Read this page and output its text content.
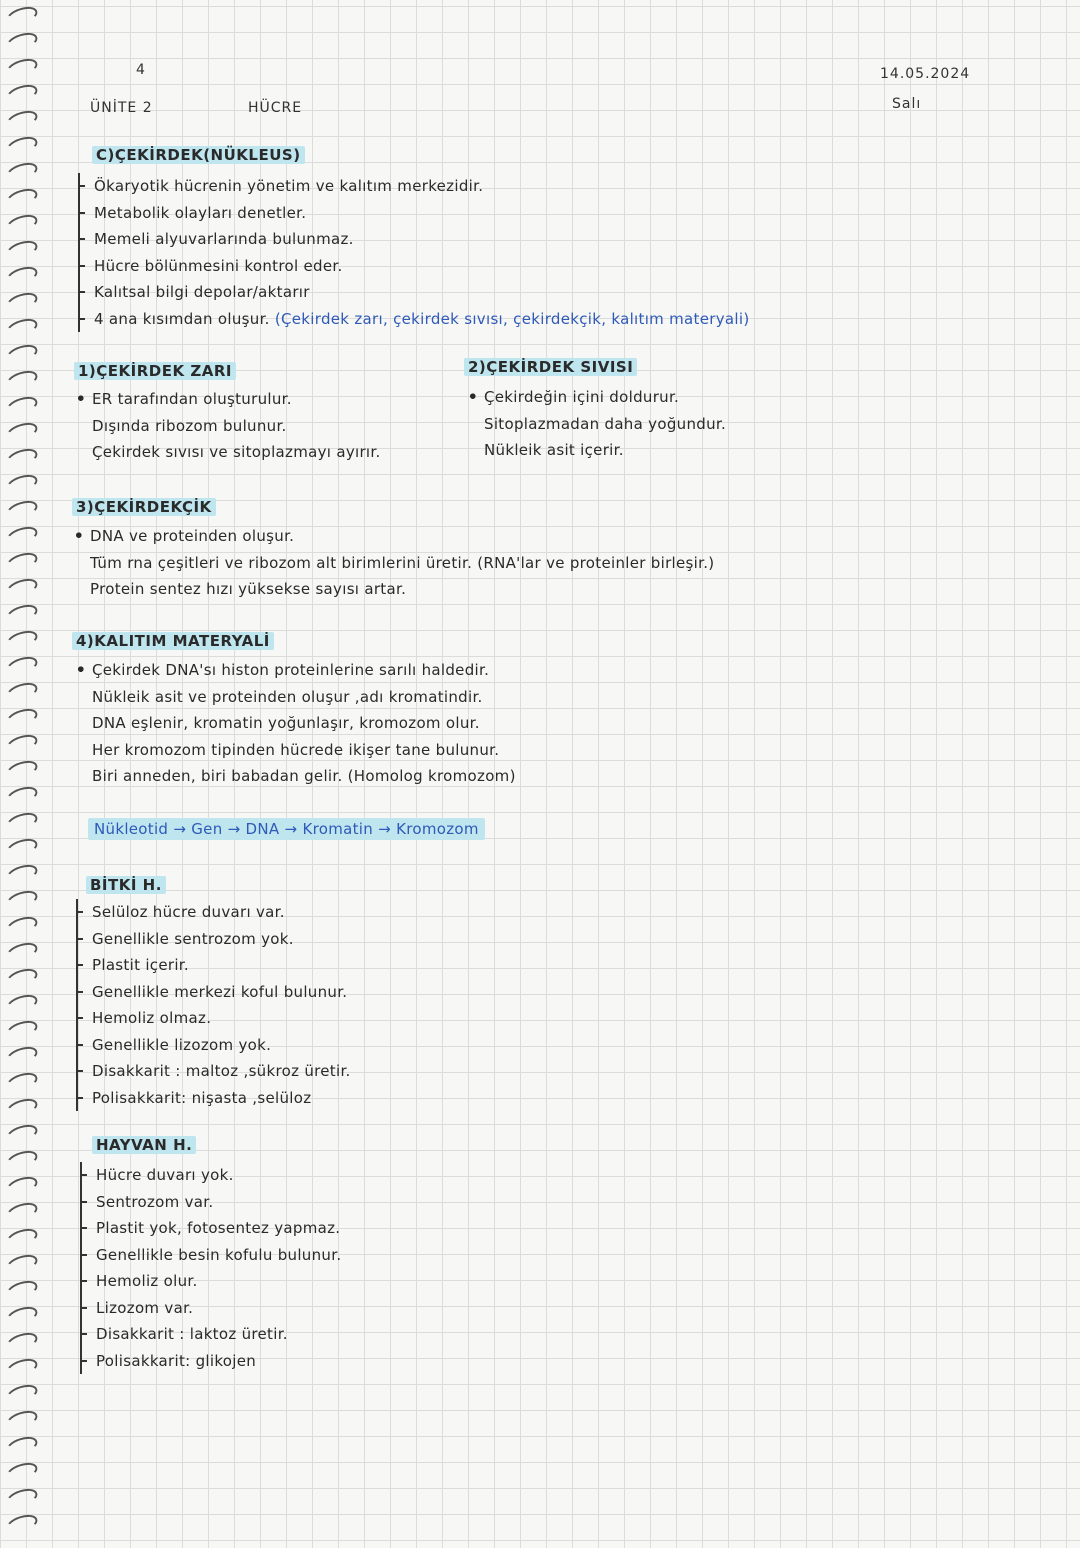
4
ÜNİTE 2	HÜCRE
14.05.2024
Salı
C)ÇEKİRDEK(NÜKLEUS)
Ökaryotik hücrenin yönetim ve kalıtım merkezidir.
Metabolik olayları denetler.
Memeli alyuvarlarında bulunmaz.
Hücre bölünmesini kontrol eder.
Kalıtsal bilgi depolar/aktarır
4 ana kısımdan oluşur. (Çekirdek zarı, çekirdek sıvısı, çekirdekçik, kalıtım materyali)
1)ÇEKİRDEK ZARI
• ER tarafından oluşturulur.
• Dışında ribozom bulunur.
• Çekirdek sıvısı ve sitoplazmayı ayırır.
2)ÇEKİRDEK SIVISI
• Çekirdeğin içini doldurur.
• Sitoplazmadan daha yoğundur.
• Nükleik asit içerir.
3)ÇEKİRDEKÇİK
• DNA ve proteinden oluşur.
• Tüm rna çeşitleri ve ribozom alt birimlerini üretir. (RNA'lar ve proteinler birleşir.)
• Protein sentez hızı yüksekse sayısı artar.
4)KALITIM MATERYALİ
• Çekirdek DNA'sı histon proteinlerine sarılı haldedir.
• Nükleik asit ve proteinden oluşur ,adı kromatindir.
• DNA eşlenir, kromatin yoğunlaşır, kromozom olur.
• Her kromozom tipinden hücrede ikişer tane bulunur.
• Biri anneden, biri babadan gelir. (Homolog kromozom)
Nükleotid → Gen → DNA → Kromatin → Kromozom
BİTKİ H.
Selüloz hücre duvarı var.
Genellikle sentrozom yok.
Plastit içerir.
Genellikle merkezi koful bulunur.
Hemoliz olmaz.
Genellikle lizozom yok.
Disakkarit : maltoz ,sükroz üretir.
Polisakkarit: nişasta ,selüloz
HAYVAN H.
Hücre duvarı yok.
Sentrozom var.
Plastit yok, fotosentez yapmaz.
Genellikle besin kofulu bulunur.
Hemoliz olur.
Lizozom var.
Disakkarit : laktoz üretir.
Polisakkarit: glikojen
